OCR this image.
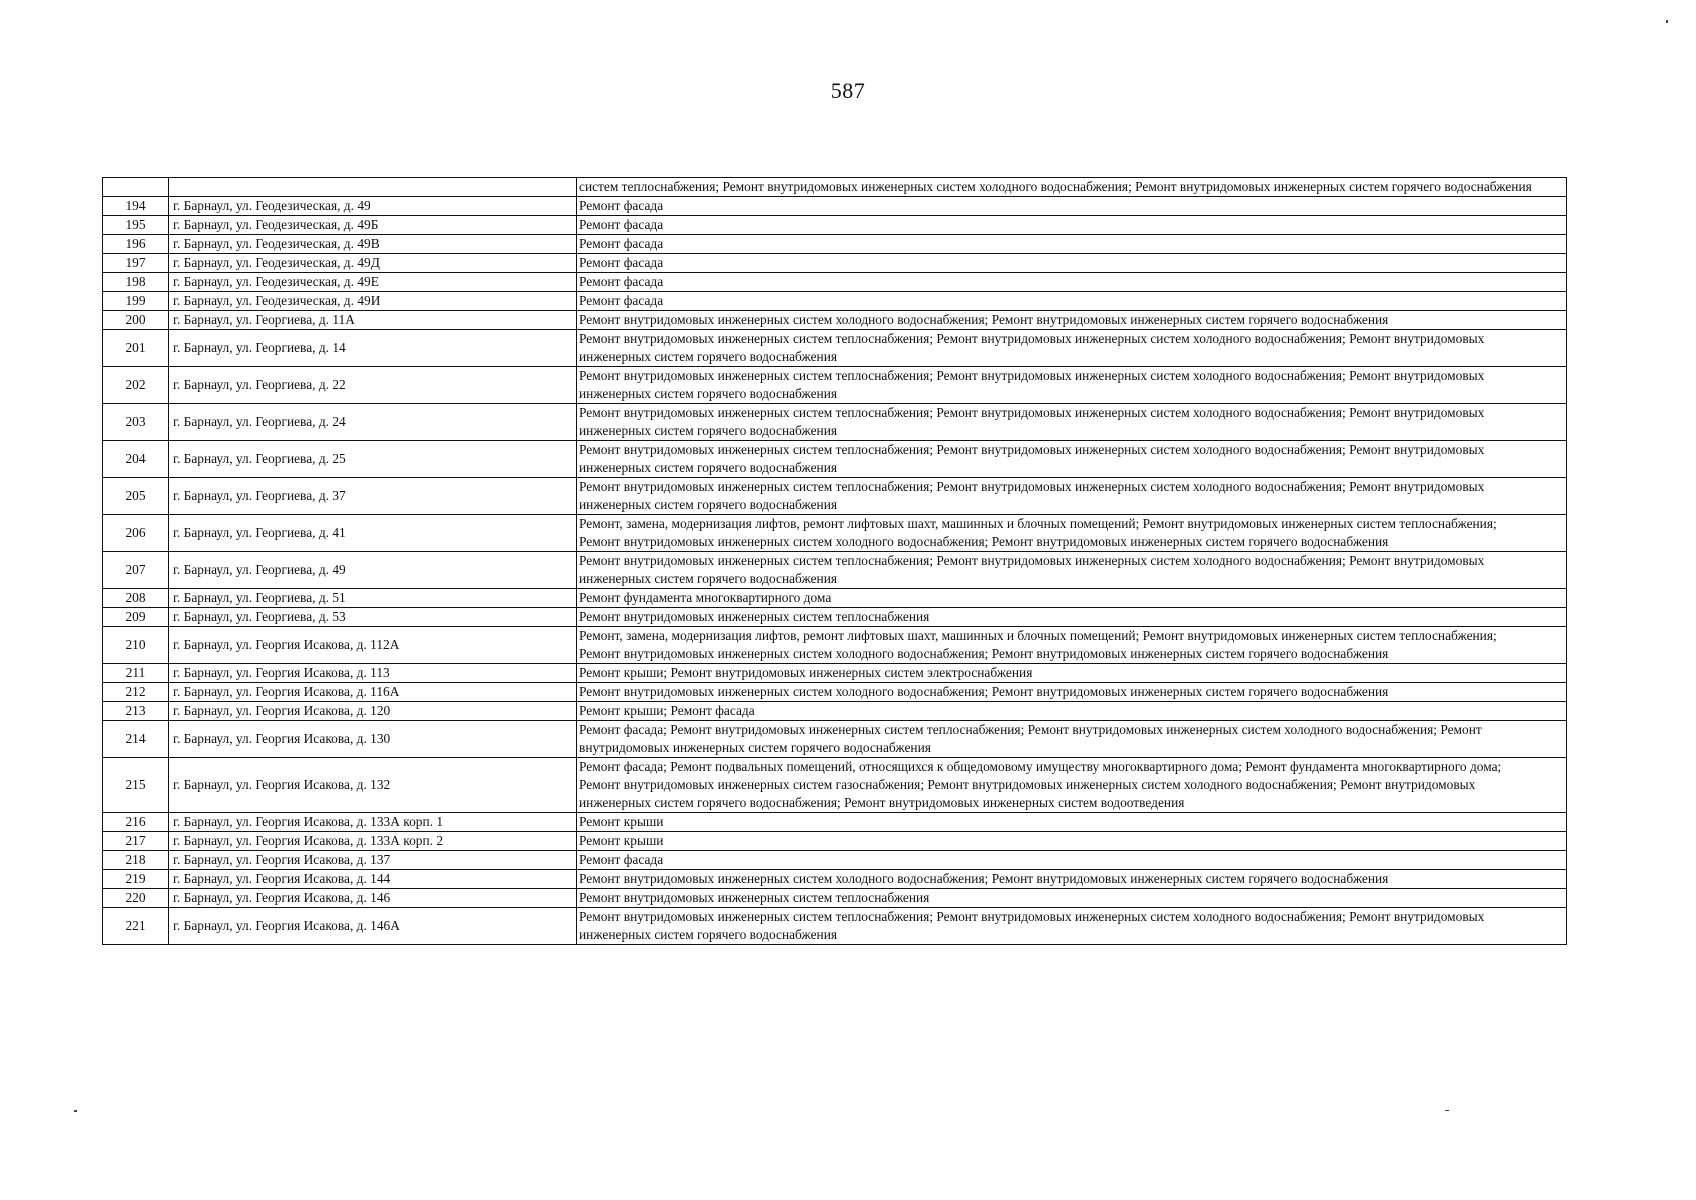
587
		систем теплоснабжения; Ремонт внутридомовых инженерных систем холодного водоснабжения; Ремонт внутридомовых инженерных систем горячего водоснабжения
194	г. Барнаул, ул. Геодезическая, д. 49	Ремонт фасада
195	г. Барнаул, ул. Геодезическая, д. 49Б	Ремонт фасада
196	г. Барнаул, ул. Геодезическая, д. 49В	Ремонт фасада
197	г. Барнаул, ул. Геодезическая, д. 49Д	Ремонт фасада
198	г. Барнаул, ул. Геодезическая, д. 49Е	Ремонт фасада
199	г. Барнаул, ул. Геодезическая, д. 49И	Ремонт фасада
200	г. Барнаул, ул. Георгиева, д. 11А	Ремонт внутридомовых инженерных систем холодного водоснабжения; Ремонт внутридомовых инженерных систем горячего водоснабжения
201	г. Барнаул, ул. Георгиева, д. 14	Ремонт внутридомовых инженерных систем теплоснабжения; Ремонт внутридомовых инженерных систем холодного водоснабжения; Ремонт внутридомовых инженерных систем горячего водоснабжения
202	г. Барнаул, ул. Георгиева, д. 22	Ремонт внутридомовых инженерных систем теплоснабжения; Ремонт внутридомовых инженерных систем холодного водоснабжения; Ремонт внутридомовых инженерных систем горячего водоснабжения
203	г. Барнаул, ул. Георгиева, д. 24	Ремонт внутридомовых инженерных систем теплоснабжения; Ремонт внутридомовых инженерных систем холодного водоснабжения; Ремонт внутридомовых инженерных систем горячего водоснабжения
204	г. Барнаул, ул. Георгиева, д. 25	Ремонт внутридомовых инженерных систем теплоснабжения; Ремонт внутридомовых инженерных систем холодного водоснабжения; Ремонт внутридомовых инженерных систем горячего водоснабжения
205	г. Барнаул, ул. Георгиева, д. 37	Ремонт внутридомовых инженерных систем теплоснабжения; Ремонт внутридомовых инженерных систем холодного водоснабжения; Ремонт внутридомовых инженерных систем горячего водоснабжения
206	г. Барнаул, ул. Георгиева, д. 41	Ремонт, замена, модернизация лифтов, ремонт лифтовых шахт, машинных и блочных помещений; Ремонт внутридомовых инженерных систем теплоснабжения; Ремонт внутридомовых инженерных систем холодного водоснабжения; Ремонт внутридомовых инженерных систем горячего водоснабжения
207	г. Барнаул, ул. Георгиева, д. 49	Ремонт внутридомовых инженерных систем теплоснабжения; Ремонт внутридомовых инженерных систем холодного водоснабжения; Ремонт внутридомовых инженерных систем горячего водоснабжения
208	г. Барнаул, ул. Георгиева, д. 51	Ремонт фундамента многоквартирного дома
209	г. Барнаул, ул. Георгиева, д. 53	Ремонт внутридомовых инженерных систем теплоснабжения
210	г. Барнаул, ул. Георгия Исакова, д. 112А	Ремонт, замена, модернизация лифтов, ремонт лифтовых шахт, машинных и блочных помещений; Ремонт внутридомовых инженерных систем теплоснабжения; Ремонт внутридомовых инженерных систем холодного водоснабжения; Ремонт внутридомовых инженерных систем горячего водоснабжения
211	г. Барнаул, ул. Георгия Исакова, д. 113	Ремонт крыши; Ремонт внутридомовых инженерных систем электроснабжения
212	г. Барнаул, ул. Георгия Исакова, д. 116А	Ремонт внутридомовых инженерных систем холодного водоснабжения; Ремонт внутридомовых инженерных систем горячего водоснабжения
213	г. Барнаул, ул. Георгия Исакова, д. 120	Ремонт крыши; Ремонт фасада
214	г. Барнаул, ул. Георгия Исакова, д. 130	Ремонт фасада; Ремонт внутридомовых инженерных систем теплоснабжения; Ремонт внутридомовых инженерных систем холодного водоснабжения; Ремонт внутридомовых инженерных систем горячего водоснабжения
215	г. Барнаул, ул. Георгия Исакова, д. 132	Ремонт фасада; Ремонт подвальных помещений, относящихся к общедомовому имуществу многоквартирного дома; Ремонт фундамента многоквартирного дома; Ремонт внутридомовых инженерных систем газоснабжения; Ремонт внутридомовых инженерных систем холодного водоснабжения; Ремонт внутридомовых инженерных систем горячего водоснабжения; Ремонт внутридомовых инженерных систем водоотведения
216	г. Барнаул, ул. Георгия Исакова, д. 133А корп. 1	Ремонт крыши
217	г. Барнаул, ул. Георгия Исакова, д. 133А корп. 2	Ремонт крыши
218	г. Барнаул, ул. Георгия Исакова, д. 137	Ремонт фасада
219	г. Барнаул, ул. Георгия Исакова, д. 144	Ремонт внутридомовых инженерных систем холодного водоснабжения; Ремонт внутридомовых инженерных систем горячего водоснабжения
220	г. Барнаул, ул. Георгия Исакова, д. 146	Ремонт внутридомовых инженерных систем теплоснабжения
221	г. Барнаул, ул. Георгия Исакова, д. 146А	Ремонт внутридомовых инженерных систем теплоснабжения; Ремонт внутридомовых инженерных систем холодного водоснабжения; Ремонт внутридомовых инженерных систем горячего водоснабжения
